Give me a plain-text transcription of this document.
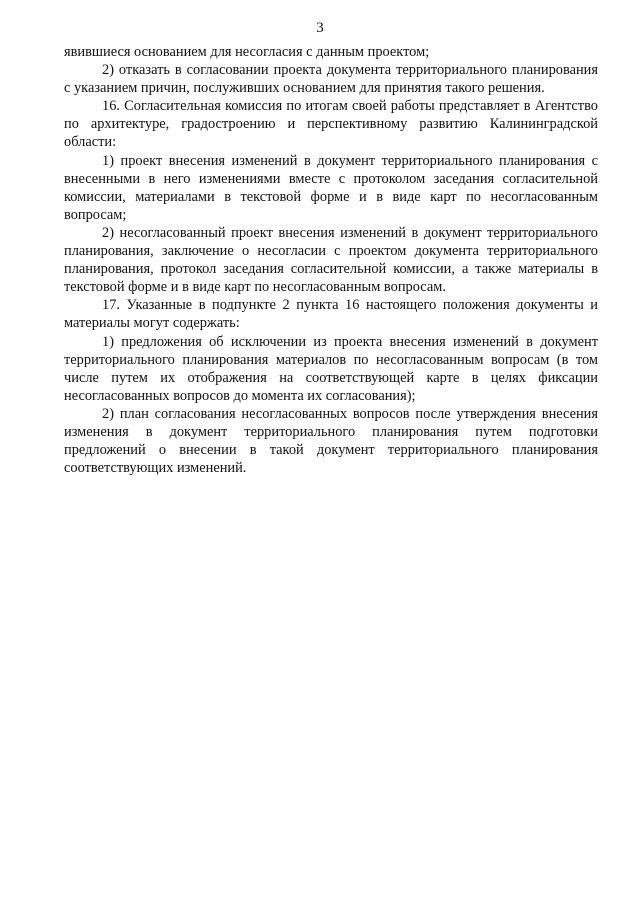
3

явившиеся основанием для несогласия с данным проектом;

2) отказать в согласовании проекта документа территориального планирования с указанием причин, послуживших основанием для принятия такого решения.

16. Согласительная комиссия по итогам своей работы представляет в Агентство по архитектуре, градостроению и перспективному развитию Калининградской области:

1) проект внесения изменений в документ территориального планирования с внесенными в него изменениями вместе с протоколом заседания согласительной комиссии, материалами в текстовой форме и в виде карт по несогласованным вопросам;

2) несогласованный проект внесения изменений в документ территориального планирования, заключение о несогласии с проектом документа территориального планирования, протокол заседания согласительной комиссии, а также материалы в текстовой форме и в виде карт по несогласованным вопросам.

17. Указанные в подпункте 2 пункта 16 настоящего положения документы и материалы могут содержать:

1) предложения об исключении из проекта внесения изменений в документ территориального планирования материалов по несогласованным вопросам (в том числе путем их отображения на соответствующей карте в целях фиксации несогласованных вопросов до момента их согласования);

2) план согласования несогласованных вопросов после утверждения внесения изменения в документ территориального планирования путем подготовки предложений о внесении в такой документ территориального планирования соответствующих изменений.
